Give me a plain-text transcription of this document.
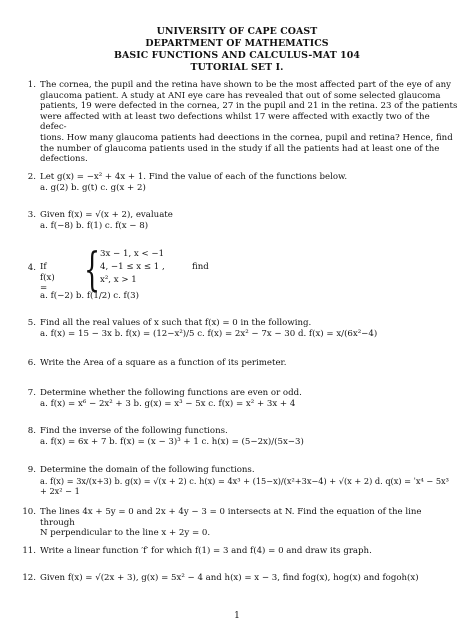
UNIVERSITY OF CAPE COAST
DEPARTMENT OF MATHEMATICS
BASIC FUNCTIONS AND CALCULUS-MAT 104
TUTORIAL SET I.
1. The cornea, the pupil and the retina have shown to be the most affected part of the eye of any

glaucoma patient. A study at ANI eye care has revealed that out of some selected glaucoma

patients, 19 were defected in the cornea, 27 in the pupil and 21 in the retina. 23 of the patients

were affected with at least two defections whilst 17 were affected with exactly two of the defec-

tions. How many glaucoma patients had deections in the cornea, pupil and retina? Hence, find

the number of glaucoma patients used in the study if all the patients had at least one of the

defections.

2. Let g(x) = −x² + 4x + 1. Find the value of each of the functions below.

a. g(2) b. g(t) c. g(x + 2)

3. Given f(x) = √(x + 2), evaluate

a. f(−8) b. f(1) c. f(x − 8)

4. If f(x) = { 3x − 1, x < −1
4, −1 ≤ x ≤ 1 ,
x², x > 1
find

a. f(−2) b. f(1/2) c. f(3)

5. Find all the real values of x such that f(x) = 0 in the following.

a. f(x) = 15 − 3x b. f(x) = (12−x²)/5 c. f(x) = 2x² − 7x − 30 d. f(x) = x/(6x²−4)

6. Write the Area of a square as a function of its perimeter.

7. Determine whether the following functions are even or odd.

a. f(x) = x⁶ − 2x² + 3 b. g(x) = x³ − 5x c. f(x) = x² + 3x + 4

8. Find the inverse of the following functions.

a. f(x) = 6x + 7 b. f(x) = (x − 3)³ + 1 c. h(x) = (5−2x)/(5x−3)

9. Determine the domain of the following functions.

a. f(x) = 3x/(x+3) b. g(x) = √(x + 2) c. h(x) = 4x³ + (15−x)/(x²+3x−4) + √(x + 2) d. q(x) = ˈx⁴ − 5x³ + 2x² − 1

10. The lines 4x + 5y = 0 and 2x + 4y − 3 = 0 intersects at N. Find the equation of the line through

N perpendicular to the line x + 2y = 0.

11. Write a linear function ′f′ for which f(1) = 3 and f(4) = 0 and draw its graph.

12. Given f(x) = √(2x + 3), g(x) = 5x² − 4 and h(x) = x − 3, find fog(x), hog(x) and fogoh(x)

1
